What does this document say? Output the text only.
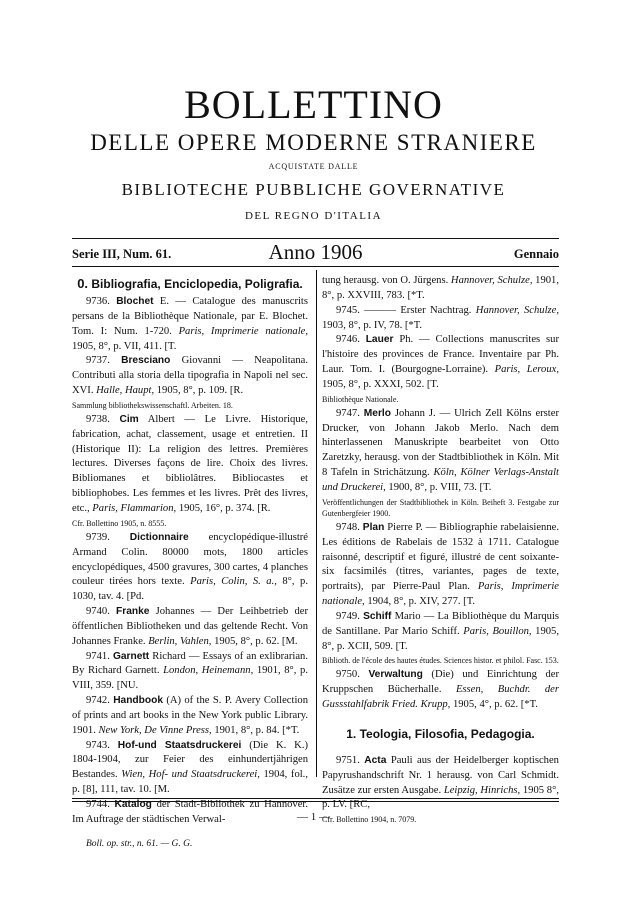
BOLLETTINO
DELLE OPERE MODERNE STRANIERE
ACQUISTATE DALLE
BIBLIOTECHE PUBBLICHE GOVERNATIVE
DEL REGNO D'ITALIA
Serie III, Num. 61.	Anno 1906	Gennaio
0. Bibliografia, Enciclopedia, Poligrafia.

9736. Blochet E. — Catalogue des manuscrits persans de la Bibliothèque Nationale, par E. Blochet. Tom. I: Num. 1-720. Paris, Imprimerie nationale, 1905, 8°, p. VII, 411. [T.

9737. Bresciano Giovanni — Neapolitana. Contributi alla storia della tipografia in Napoli nel sec. XVI. Halle, Haupt, 1905, 8°, p. 109. [R.

Sammlung bibliothekswissenschaftl. Arbeiten. 18.

9738. Cim Albert — Le Livre. Historique, fabrication, achat, classement, usage et entretien. II (Historique II): La religion des lettres. Premières lectures. Diverses façons de lire. Choix des livres. Bibliomanes et bibliolâtres. Bibliocastes et bibliophobes. Les femmes et les livres. Prêt des livres, etc., Paris, Flammarion, 1905, 16°, p. 374. [R.

Cfr. Bollettino 1905, n. 8555.

9739. Dictionnaire encyclopédique-illustré Armand Colin. 80000 mots, 1800 articles encyclopédiques, 4500 gravures, 300 cartes, 4 planches couleur tirées hors texte. Paris, Colin, S. a., 8°, p. 1030, tav. 4. [Pd.

9740. Franke Johannes — Der Leihbetrieb der öffentlichen Bibliotheken und das geltende Recht. Von Johannes Franke. Berlin, Vahlen, 1905, 8°, p. 62. [M.

9741. Garnett Richard — Essays of an exlibrarian. By Richard Garnett. London, Heinemann, 1901, 8°, p. VIII, 359. [NU.

9742. Handbook (A) of the S. P. Avery Collection of prints and art books in the New York public Library. 1901. New York, De Vinne Press, 1901, 8°, p. 84. [*T.

9743. Hof-und Staatsdruckerei (Die K. K.) 1804-1904, zur Feier des einhundertjährigen Bestandes. Wien, Hof- und Staatsdruckerei, 1904, fol., p. [8], 111, tav. 10. [M.

9744. Katalog der Stadt-Bibliothek zu Hannover. Im Auftrage der städtischen Verwal-

tung herausg. von O. Jürgens. Hannover, Schulze, 1901, 8°, p. XXVIII, 783. [*T.

9745. ——— Erster Nachtrag. Hannover, Schulze, 1903, 8°, p. IV, 78. [*T.

9746. Lauer Ph. — Collections manuscrites sur l'histoire des provinces de France. Inventaire par Ph. Laur. Tom. I. (Bourgogne-Lorraine). Paris, Leroux, 1905, 8°, p. XXXI, 502. [T.

Bibliothèque Nationale.

9747. Merlo Johann J. — Ulrich Zell Kölns erster Drucker, von Johann Jakob Merlo. Nach dem hinterlassenen Manuskripte bearbeitet von Otto Zaretzky, herausg. von der Stadtbibliothek in Köln. Mit 8 Tafeln in Strichätzung. Köln, Kölner Verlags-Anstalt und Druckerei, 1900, 8°, p. VIII, 73. [T.

Veröffentlichungen der Stadtbibliothek in Köln. Beiheft 3. Festgabe zur Gutenbergfeier 1900.

9748. Plan Pierre P. — Bibliographie rabelaisienne. Les éditions de Rabelais de 1532 à 1711. Catalogue raisonné, descriptif et figuré, illustré de cent soixante-six facsimilés (titres, variantes, pages de texte, portraits), par Pierre-Paul Plan. Paris, Imprimerie nationale, 1904, 8°, p. XIV, 277. [T.

9749. Schiff Mario — La Bibliothèque du Marquis de Santillane. Par Mario Schiff. Paris, Bouillon, 1905, 8°, p. XCII, 509. [T.

Biblioth. de l'école des hautes études. Sciences histor. et philol. Fasc. 153.

9750. Verwaltung (Die) und Einrichtung der Kruppschen Bücherhalle. Essen, Buchdr. der Gussstahlfabrik Fried. Krupp, 1905, 4°, p. 62. [*T.

1. Teologia, Filosofia, Pedagogia.

9751. Acta Pauli aus der Heidelberger koptischen Papyrushandschrift Nr. 1 herausg. von Carl Schmidt. Zusätze zur ersten Ausgabe. Leipzig, Hinrichs, 1905 8°, p. LV. [RC,

Cfr. Bollettino 1904, n. 7079.

— 1 —
Boll. op. str., n. 61. — G. G.
